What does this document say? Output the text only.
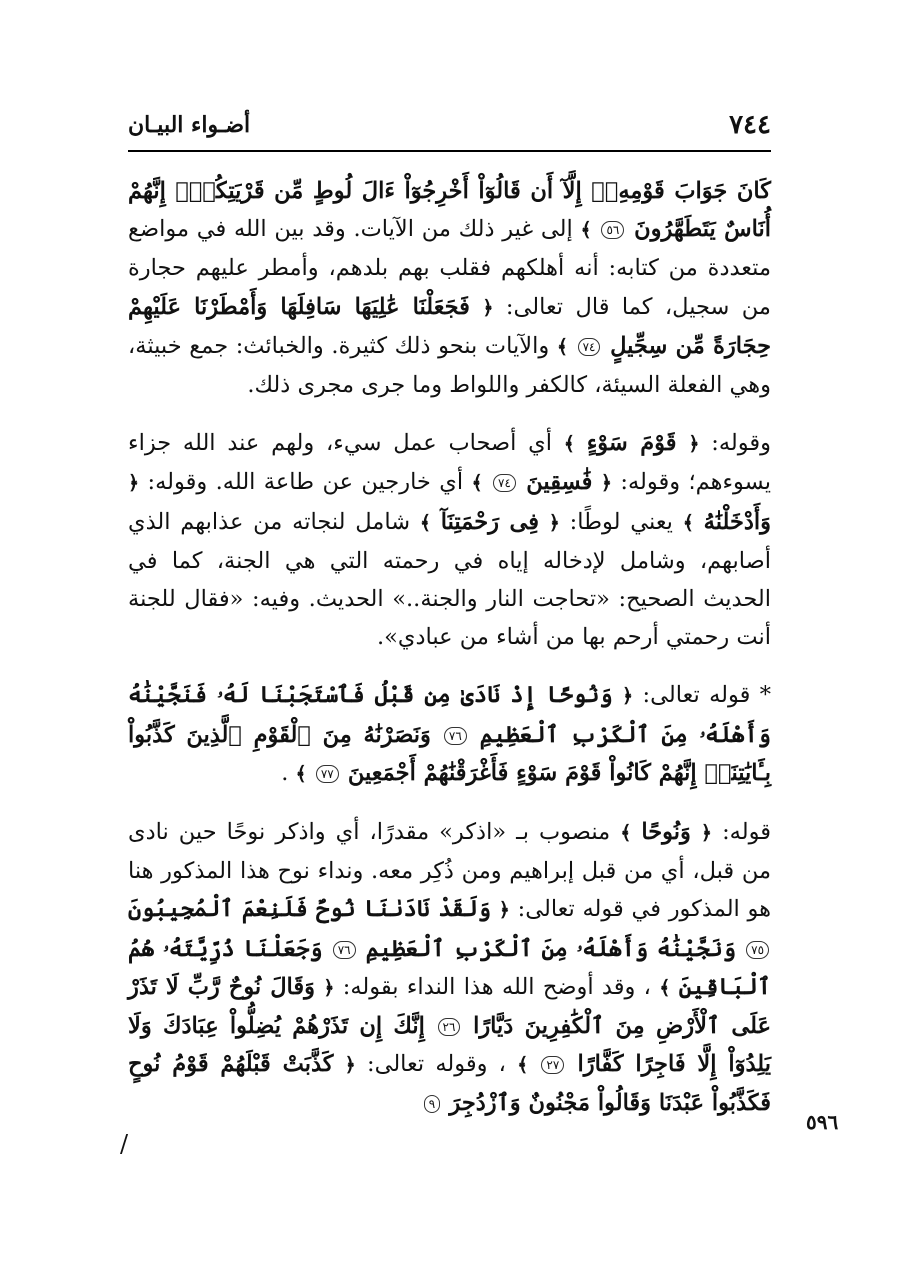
٧٤٤
أضـواء البيـان

كَانَ جَوَابَ قَوْمِهِۦٓ إِلَّآ أَن قَالُوٓاْ أَخْرِجُوٓاْ ءَالَ لُوطٍ مِّن قَرْيَتِكُمْۖ إِنَّهُمْ أُنَاسٌ يَتَطَهَّرُونَ ٥٦ ﴾ إلى غير ذلك من الآيات. وقد بين الله في مواضع متعددة من كتابه: أنه أهلكهم فقلب بهم بلدهم، وأمطر عليهم حجارة من سجيل، كما قال تعالى: ﴿ فَجَعَلْنَا عَٰلِيَهَا سَافِلَهَا وَأَمْطَرْنَا عَلَيْهِمْ حِجَارَةً مِّن سِجِّيلٍ ٧٤ ﴾ والآيات بنحو ذلك كثيرة. والخبائث: جمع خبيثة، وهي الفعلة السيئة، كالكفر واللواط وما جرى مجرى ذلك.

وقوله: ﴿ قَوْمَ سَوْءٍ ﴾ أي أصحاب عمل سيء، ولهم عند الله جزاء يسوءهم؛ وقوله: ﴿ فَٰسِقِينَ ٧٤ ﴾ أي خارجين عن طاعة الله. وقوله: ﴿ وَأَدْخَلْنَٰهُ ﴾ يعني لوطًا: ﴿ فِى رَحْمَتِنَآ ﴾ شامل لنجاته من عذابهم الذي أصابهم، وشامل لإدخاله إياه في رحمته التي هي الجنة، كما في الحديث الصحيح: «تحاجت النار والجنة..» الحديث. وفيه: «فقال للجنة أنت رحمتي أرحم بها من أشاء من عبادي».

* قوله تعالى: ﴿ وَنُوحًا إِذْ نَادَىٰ مِن قَبْلُ فَٱسْتَجَبْنَا لَهُۥ فَنَجَّيْنَٰهُ وَأَهْلَهُۥ مِنَ ٱلْكَرْبِ ٱلْعَظِيمِ ٧٦ وَنَصَرْنَٰهُ مِنَ ٱلْقَوْمِ ٱلَّذِينَ كَذَّبُواْ بِـَٔايَٰتِنَآۚ إِنَّهُمْ كَانُواْ قَوْمَ سَوْءٍ فَأَغْرَقْنَٰهُمْ أَجْمَعِينَ ٧٧ ﴾ .

قوله: ﴿ وَنُوحًا ﴾ منصوب بـ «اذكر» مقدرًا، أي واذكر نوحًا حين نادى من قبل، أي من قبل إبراهيم ومن ذُكِر معه. ونداء نوح هذا المذكور هنا هو المذكور في قوله تعالى: ﴿ وَلَقَدْ نَادَىٰنَا نُوحٌ فَلَنِعْمَ ٱلْمُجِيبُونَ ٧٥ وَنَجَّيْنَٰهُ وَأَهْلَهُۥ مِنَ ٱلْكَرْبِ ٱلْعَظِيمِ ٧٦ وَجَعَلْنَا ذُرِّيَّتَهُۥ هُمُ ٱلْبَاقِينَ ﴾ ، وقد أوضح الله هذا النداء بقوله: ﴿ وَقَالَ نُوحٌ رَّبِّ لَا تَذَرْ عَلَى ٱلْأَرْضِ مِنَ ٱلْكَٰفِرِينَ دَيَّارًا ٢٦ إِنَّكَ إِن تَذَرْهُمْ يُضِلُّواْ عِبَادَكَ وَلَا يَلِدُوٓاْ إِلَّا فَاجِرًا كَفَّارًا ٢٧ ﴾ ، وقوله تعالى: ﴿ كَذَّبَتْ قَبْلَهُمْ قَوْمُ نُوحٍ فَكَذَّبُواْ عَبْدَنَا وَقَالُواْ مَجْنُونٌ وَٱزْدُجِرَ ٩

٥٩٦
/
